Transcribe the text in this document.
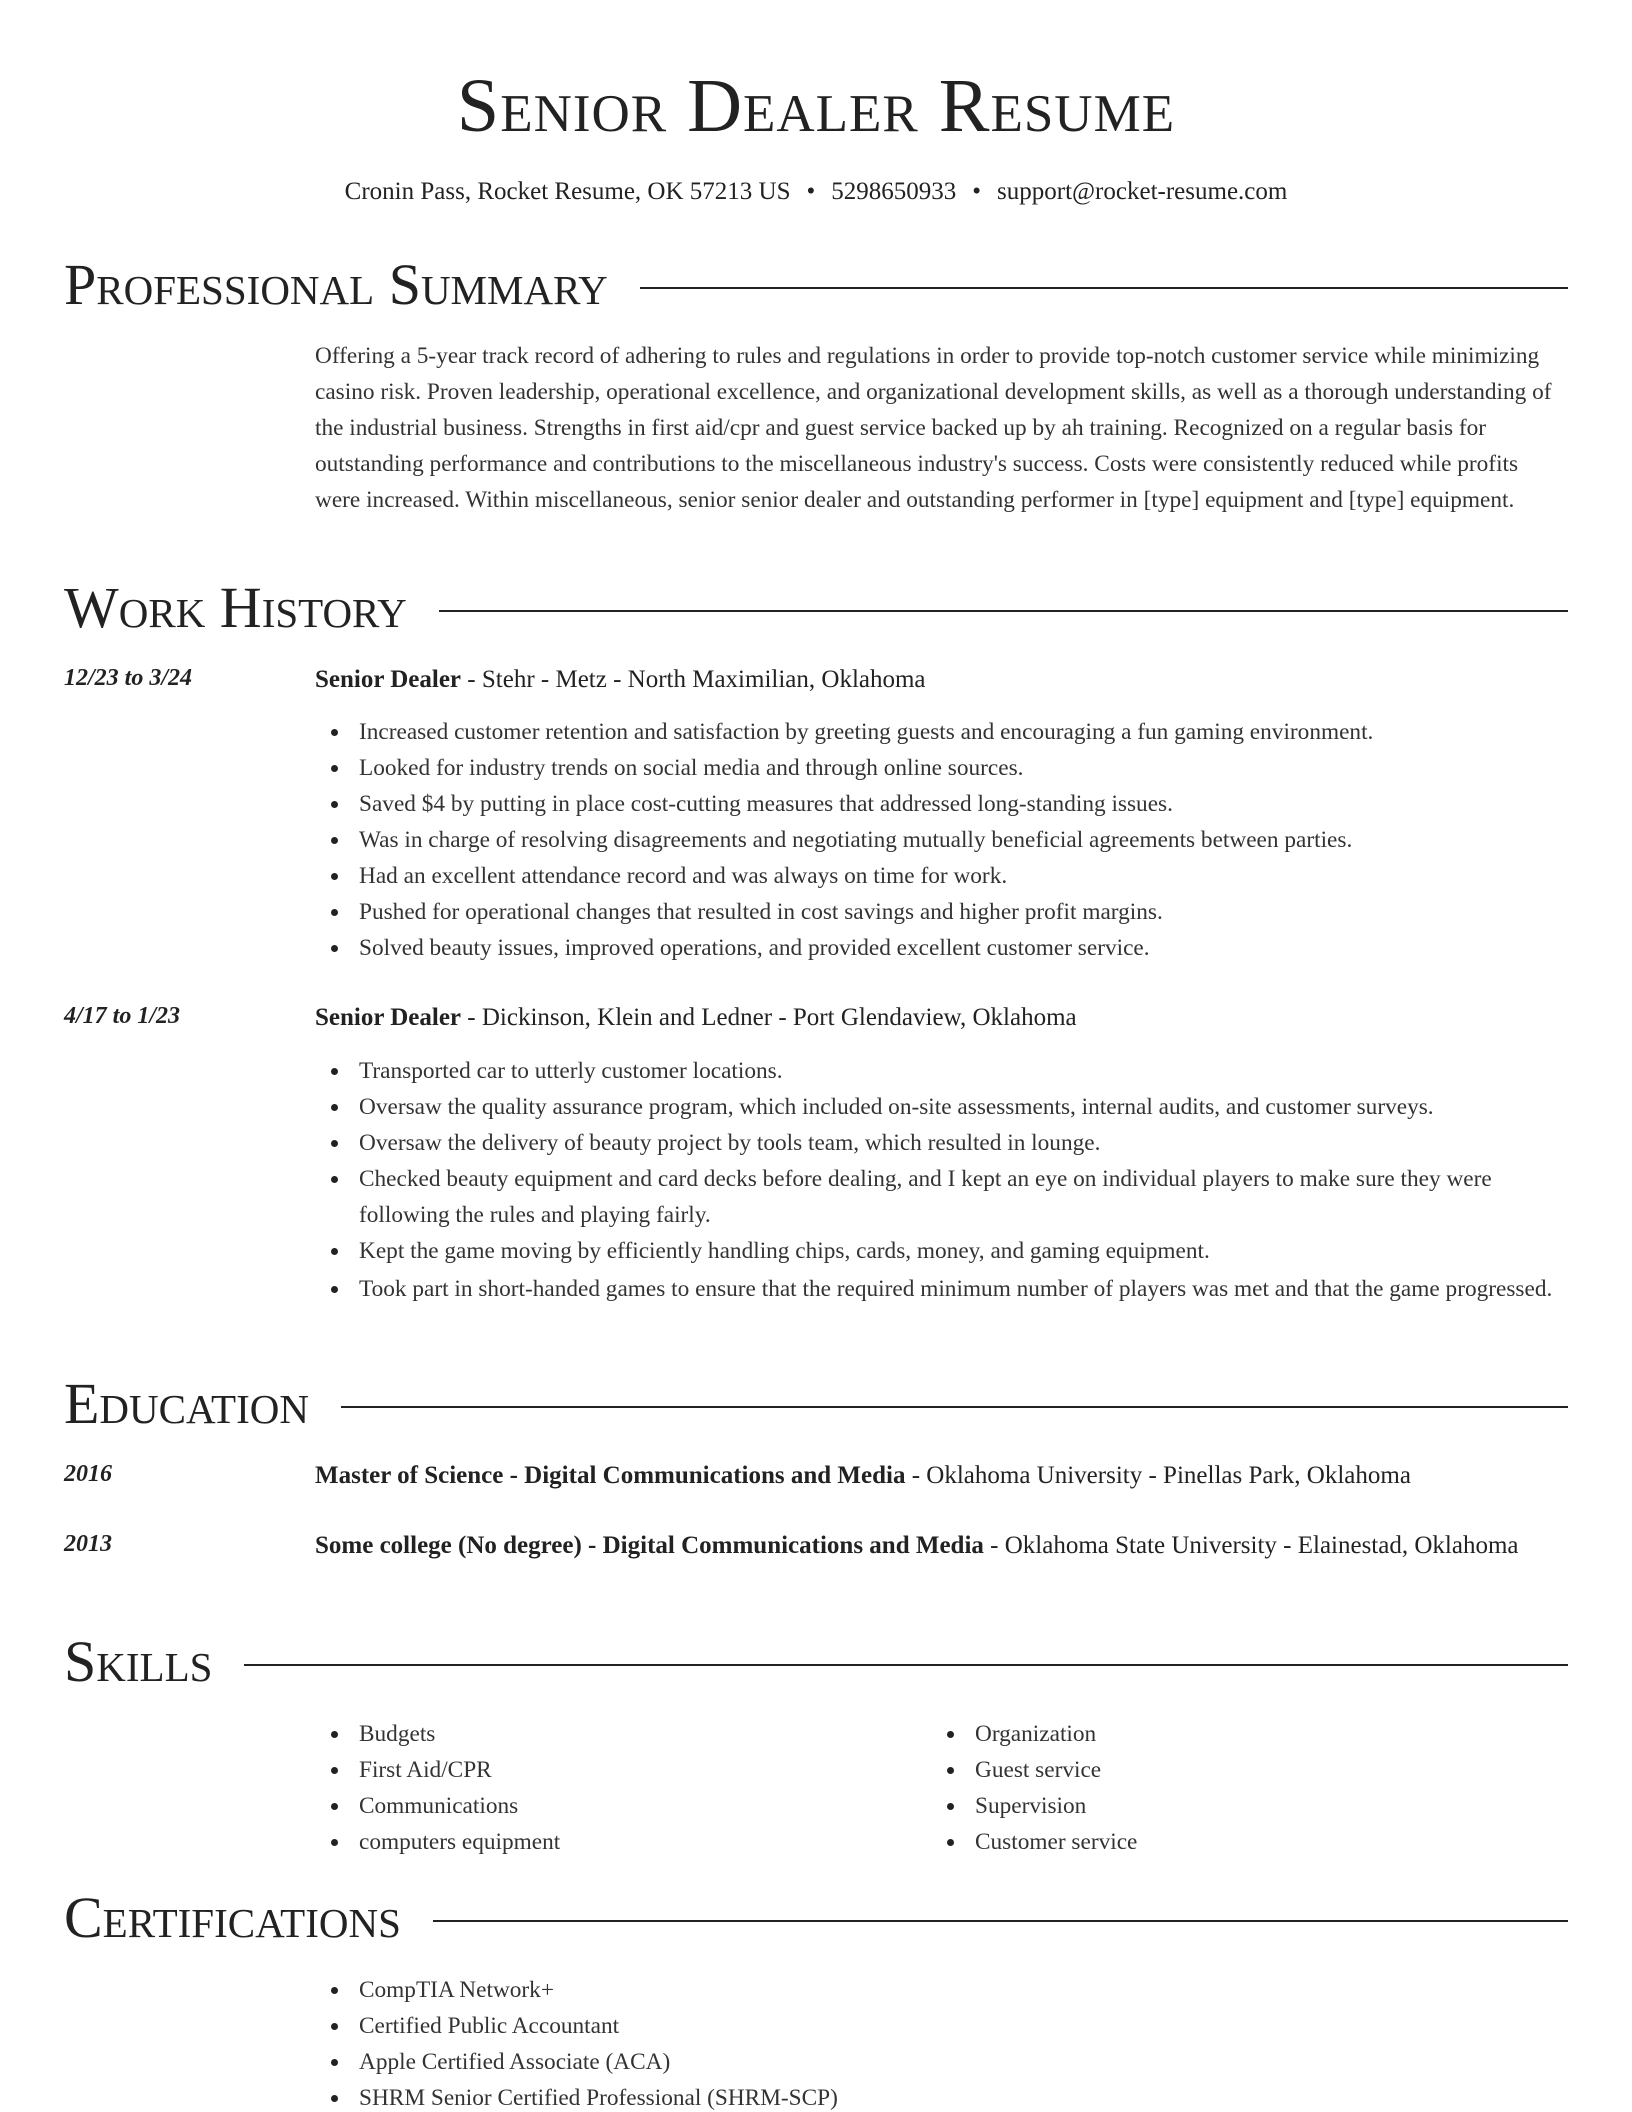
Senior Dealer Resume
Cronin Pass, Rocket Resume, OK 57213 US • 5298650933 • support@rocket-resume.com
Professional Summary

Offering a 5-year track record of adhering to rules and regulations in order to provide top-notch customer service while minimizing casino risk. Proven leadership, operational excellence, and organizational development skills, as well as a thorough understanding of the industrial business. Strengths in first aid/cpr and guest service backed up by ah training. Recognized on a regular basis for outstanding performance and contributions to the miscellaneous industry's success. Costs were consistently reduced while profits were increased. Within miscellaneous, senior senior dealer and outstanding performer in [type] equipment and [type] equipment.

Work History
12/23 to 3/24	Senior Dealer - Stehr - Metz - North Maximilian, Oklahoma
Increased customer retention and satisfaction by greeting guests and encouraging a fun gaming environment.
Looked for industry trends on social media and through online sources.
Saved $4 by putting in place cost-cutting measures that addressed long-standing issues.
Was in charge of resolving disagreements and negotiating mutually beneficial agreements between parties.
Had an excellent attendance record and was always on time for work.
Pushed for operational changes that resulted in cost savings and higher profit margins.
Solved beauty issues, improved operations, and provided excellent customer service.
4/17 to 1/23	Senior Dealer - Dickinson, Klein and Ledner - Port Glendaview, Oklahoma
Transported car to utterly customer locations.
Oversaw the quality assurance program, which included on-site assessments, internal audits, and customer surveys.
Oversaw the delivery of beauty project by tools team, which resulted in lounge.
Checked beauty equipment and card decks before dealing, and I kept an eye on individual players to make sure they were following the rules and playing fairly.
Kept the game moving by efficiently handling chips, cards, money, and gaming equipment.
Took part in short-handed games to ensure that the required minimum number of players was met and that the game progressed.
Education
2016	Master of Science - Digital Communications and Media - Oklahoma University - Pinellas Park, Oklahoma
2013	Some college (No degree) - Digital Communications and Media - Oklahoma State University - Elainestad, Oklahoma
Skills
Budgets
First Aid/CPR
Communications
computers equipment
Organization
Guest service
Supervision
Customer service
Certifications
CompTIA Network+
Certified Public Accountant
Apple Certified Associate (ACA)
SHRM Senior Certified Professional (SHRM-SCP)
